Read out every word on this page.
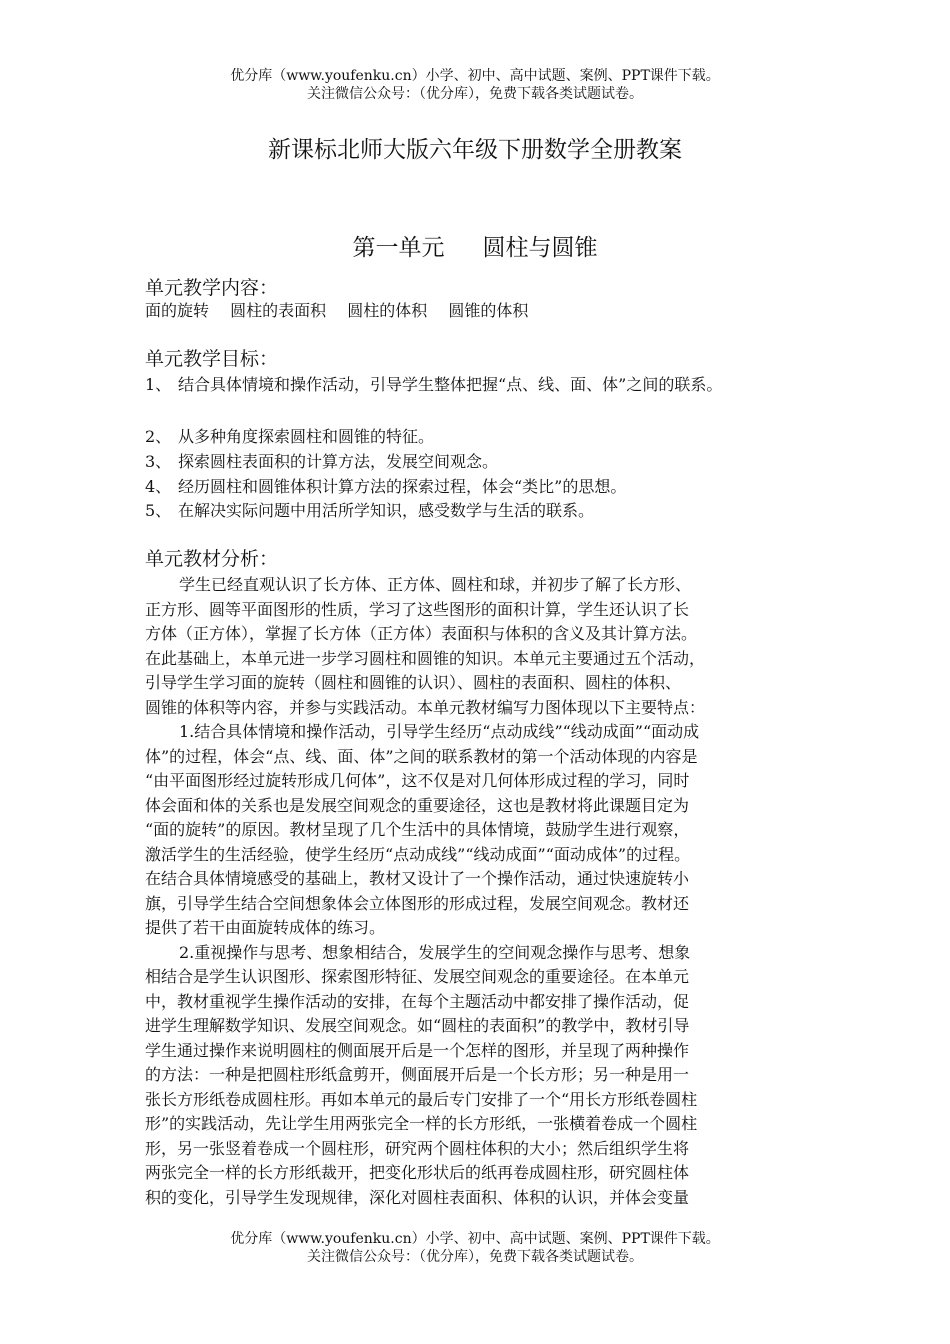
优分库（www.youfenku.cn）小学、初中、高中试题、案例、PPT课件下载。
关注微信公众号：（优分库），免费下载各类试题试卷。
新课标北师大版六年级下册数学全册教案
第一单元 圆柱与圆锥
单元教学内容：
面的旋转 圆柱的表面积 圆柱的体积 圆锥的体积
单元教学目标：
1、 结合具体情境和操作活动，引导学生整体把握“点、线、面、体”之间的联系。
2、 从多种角度探索圆柱和圆锥的特征。
3、 探索圆柱表面积的计算方法，发展空间观念。
4、 经历圆柱和圆锥体积计算方法的探索过程，体会“类比”的思想。
5、 在解决实际问题中用活所学知识，感受数学与生活的联系。
单元教材分析：
学生已经直观认识了长方体、正方体、圆柱和球，并初步了解了长方形、
正方形、圆等平面图形的性质，学习了这些图形的面积计算，学生还认识了长
方体（正方体），掌握了长方体（正方体）表面积与体积的含义及其计算方法。
在此基础上，本单元进一步学习圆柱和圆锥的知识。本单元主要通过五个活动，
引导学生学习面的旋转（圆柱和圆锥的认识）、圆柱的表面积、圆柱的体积、
圆锥的体积等内容，并参与实践活动。本单元教材编写力图体现以下主要特点：
1.结合具体情境和操作活动，引导学生经历“点动成线”“线动成面”“面动成
体”的过程，体会“点、线、面、体”之间的联系教材的第一个活动体现的内容是
“由平面图形经过旋转形成几何体”，这不仅是对几何体形成过程的学习，同时
体会面和体的关系也是发展空间观念的重要途径，这也是教材将此课题目定为
“面的旋转”的原因。教材呈现了几个生活中的具体情境，鼓励学生进行观察，
激活学生的生活经验，使学生经历“点动成线”“线动成面”“面动成体”的过程。
在结合具体情境感受的基础上，教材又设计了一个操作活动，通过快速旋转小
旗，引导学生结合空间想象体会立体图形的形成过程，发展空间观念。教材还
提供了若干由面旋转成体的练习。
2.重视操作与思考、想象相结合，发展学生的空间观念操作与思考、想象
相结合是学生认识图形、探索图形特征、发展空间观念的重要途径。在本单元
中，教材重视学生操作活动的安排，在每个主题活动中都安排了操作活动，促
进学生理解数学知识、发展空间观念。如“圆柱的表面积”的教学中，教材引导
学生通过操作来说明圆柱的侧面展开后是一个怎样的图形，并呈现了两种操作
的方法：一种是把圆柱形纸盒剪开，侧面展开后是一个长方形；另一种是用一
张长方形纸卷成圆柱形。再如本单元的最后专门安排了一个“用长方形纸卷圆柱
形”的实践活动，先让学生用两张完全一样的长方形纸，一张横着卷成一个圆柱
形，另一张竖着卷成一个圆柱形，研究两个圆柱体积的大小；然后组织学生将
两张完全一样的长方形纸裁开，把变化形状后的纸再卷成圆柱形，研究圆柱体
积的变化，引导学生发现规律，深化对圆柱表面积、体积的认识，并体会变量
优分库（www.youfenku.cn）小学、初中、高中试题、案例、PPT课件下载。
关注微信公众号：（优分库），免费下载各类试题试卷。
